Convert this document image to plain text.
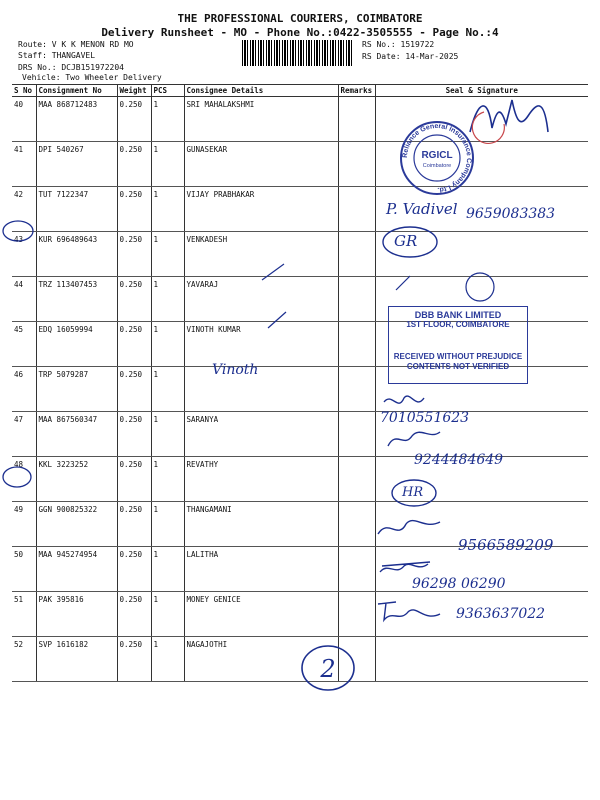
THE PROFESSIONAL COURIERS, COIMBATORE
Delivery Runsheet - MO - Phone No.:0422-3505555 - Page No.:4
Route: V K K MENON RD MO
Staff: THANGAVEL
DRS No.: DCJB151972204
Vehicle: Two Wheeler Delivery
RS No.: 1519722
RS Date: 14-Mar-2025
S No	Consignment No	Weight	PCS	Consignee Details	Remarks	Seal & Signature
40	MAA 868712483	0.250	1	SRI MAHALAKSHMI		
41	DPI 540267	0.250	1	GUNASEKAR		
42	TUT 7122347	0.250	1	VIJAY PRABHAKAR		
43	KUR 696489643	0.250	1	VENKADESH		
44	TRZ 113407453	0.250	1	YAVARAJ		
45	EDQ 16059994	0.250	1	VINOTH KUMAR		
46	TRP 5079287	0.250	1			
47	MAA 867560347	0.250	1	SARANYA		
48	KKL 3223252	0.250	1	REVATHY		
49	GGN 900825322	0.250	1	THANGAMANI		
50	MAA 945274954	0.250	1	LALITHA		
51	PAK 395816	0.250	1	MONEY GENICE		
52	SVP 1616182	0.250	1	NAGAJOTHI		
Reliance General Insurance Company Ltd.
RGICL
Coimbatore
2
DBB BANK LIMITED
1ST FLOOR, COIMBATORE
RECEIVED WITHOUT PREJUDICE
CONTENTS NOT VERIFIED
P. Vadivel 9659083383
GR
Vinoth
7010551623
9244484649
HR
9566589209
96298 06290
9363637022
